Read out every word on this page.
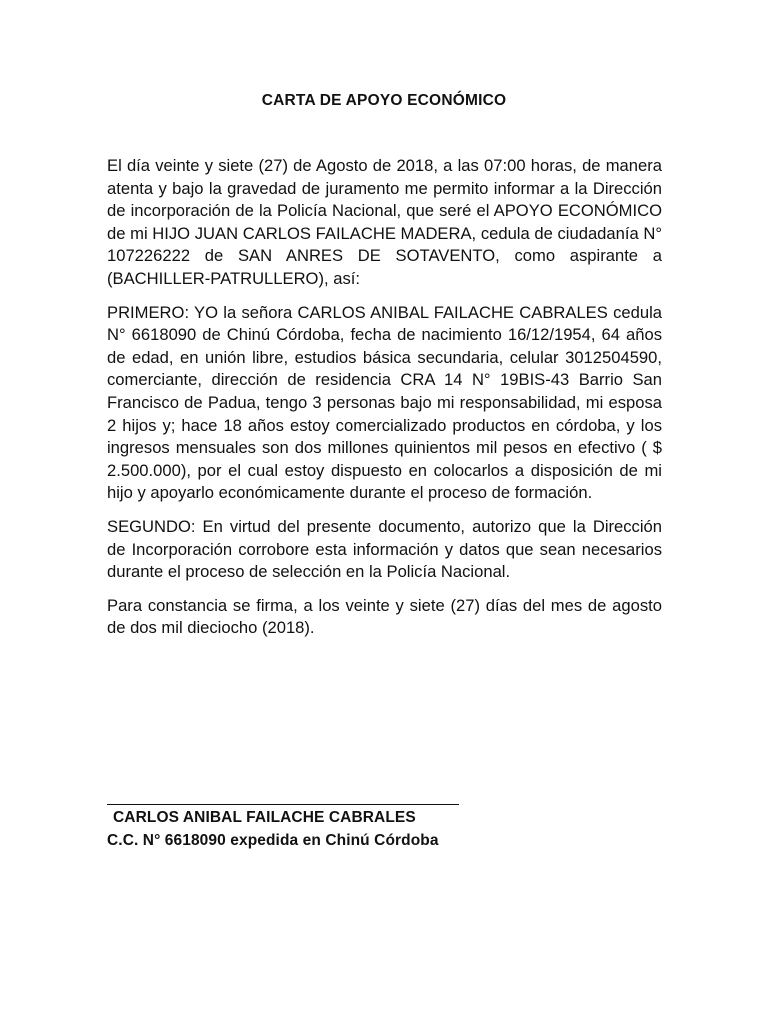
CARTA DE APOYO ECONÓMICO

El día veinte y siete (27) de Agosto de 2018, a las 07:00 horas, de manera atenta y bajo la gravedad de juramento me permito informar a la Dirección de incorporación de la Policía Nacional, que seré el APOYO ECONÓMICO de mi HIJO JUAN CARLOS FAILACHE MADERA, cedula de ciudadanía N° 107226222 de SAN ANRES DE SOTAVENTO, como aspirante a (BACHILLER-PATRULLERO), así:

PRIMERO: YO la señora CARLOS ANIBAL FAILACHE CABRALES cedula N° 6618090 de Chinú Córdoba, fecha de nacimiento 16/12/1954, 64 años de edad, en unión libre, estudios básica secundaria, celular 3012504590, comerciante, dirección de residencia CRA 14 N° 19BIS-43 Barrio San Francisco de Padua, tengo 3 personas bajo mi responsabilidad, mi esposa 2 hijos y; hace 18 años estoy comercializado productos en córdoba, y los ingresos mensuales son dos millones quinientos mil pesos en efectivo ( $ 2.500.000), por el cual estoy dispuesto en colocarlos a disposición de mi hijo y apoyarlo económicamente durante el proceso de formación.

SEGUNDO: En virtud del presente documento, autorizo que la Dirección de Incorporación corrobore esta información y datos que sean necesarios durante el proceso de selección en la Policía Nacional.

Para constancia se firma, a los veinte y siete (27) días del mes de agosto de dos mil dieciocho (2018).

CARLOS ANIBAL FAILACHE CABRALES
C.C. N° 6618090 expedida en Chinú Córdoba
